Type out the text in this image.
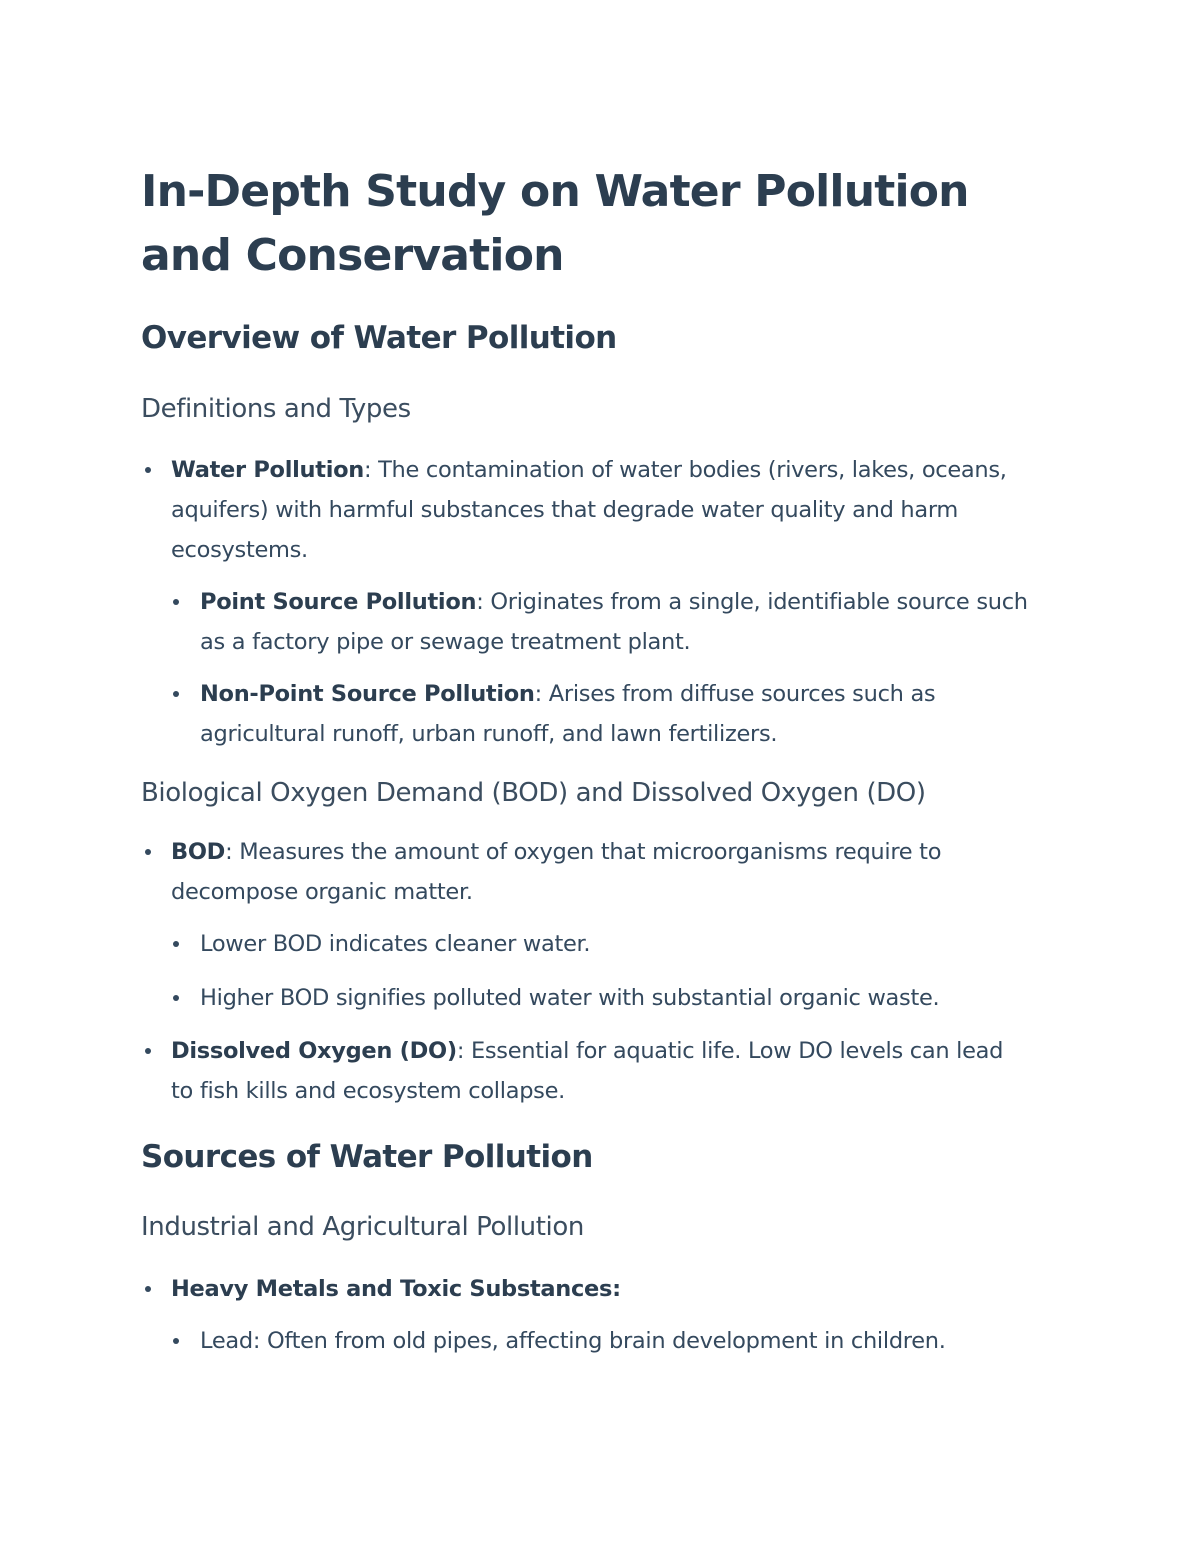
In-Depth Study on Water Pollution and Conservation
Overview of Water Pollution
Definitions and Types
Water Pollution: The contamination of water bodies (rivers, lakes, oceans, aquifers) with harmful substances that degrade water quality and harm ecosystems.
Point Source Pollution: Originates from a single, identifiable source such as a factory pipe or sewage treatment plant.
Non-Point Source Pollution: Arises from diffuse sources such as agricultural runoff, urban runoff, and lawn fertilizers.
Biological Oxygen Demand (BOD) and Dissolved Oxygen (DO)
BOD: Measures the amount of oxygen that microorganisms require to decompose organic matter.
Lower BOD indicates cleaner water.
Higher BOD signifies polluted water with substantial organic waste.
Dissolved Oxygen (DO): Essential for aquatic life. Low DO levels can lead to fish kills and ecosystem collapse.
Sources of Water Pollution
Industrial and Agricultural Pollution
Heavy Metals and Toxic Substances:
Lead: Often from old pipes, affecting brain development in children.
